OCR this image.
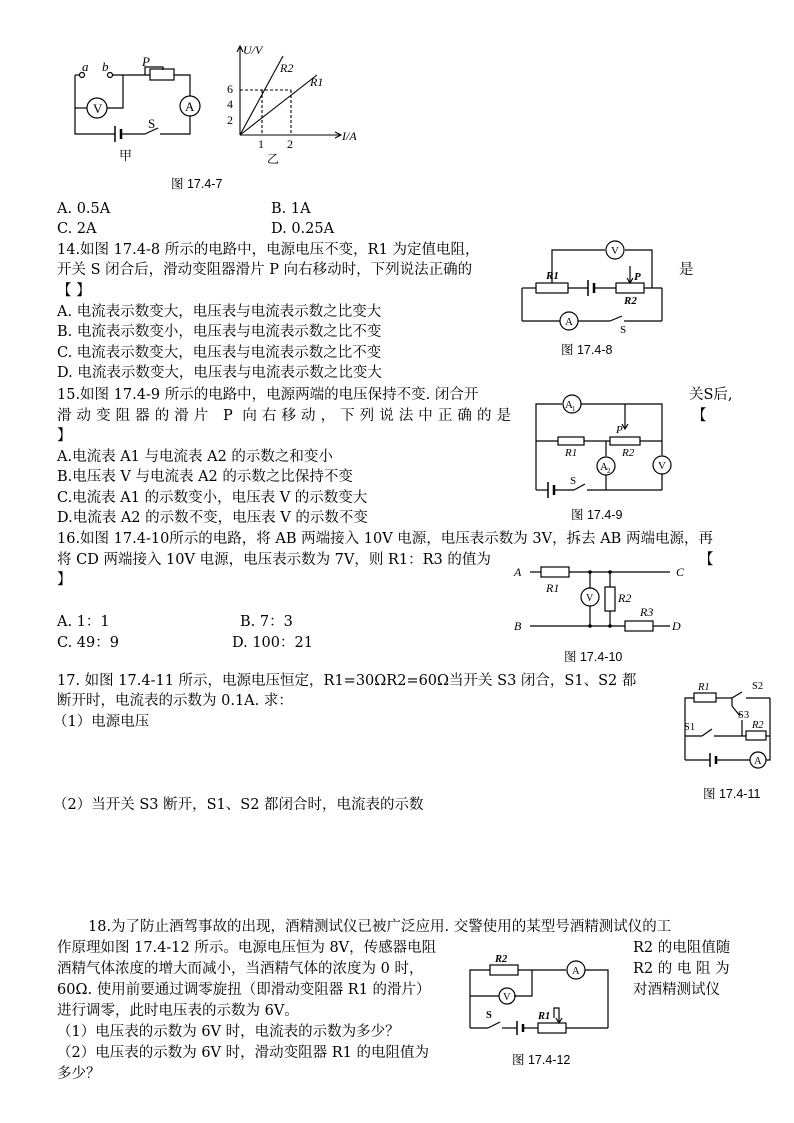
a b	P
V	A
S
甲
U/V
I/A
R2
R1
2
4
6
1 2
乙
图 17.4-7
A. 0.5A	B. 1A
C. 2A	D. 0.25A
14.如图 17.4-8 所示的电路中，电源电压不变，R1 为定值电阻，
开关 S 闭合后，滑动变阻器滑片 P 向右移动时，下列说法正确的	是
【 】
A. 电流表示数变大，电压表与电流表示数之比变大
B. 电流表示数变小，电压表与电流表示数之比不变
C. 电流表示数变大，电压表与电流表示数之比不变
D. 电流表示数变大，电压表与电流表示数之比变大
V
A
R1
R2
P
S
图 17.4-8
15.如图 17.4-9 所示的电路中，电源两端的电压保持不变. 闭合开	关S后,
滑动变阻器的滑片 P 向右移动，下列说法中正确的是	【
】
A.电流表 A1 与电流表 A2 的示数之和变小
B.电压表 V 与电流表 A2 的示数之比保持不变
C.电流表 A1 的示数变小，电压表 V 的示数变大
D.电流表 A2 的示数不变，电压表 V 的示数不变
A 1
A 2	V
R1	R2
P
S
图 17.4-9
16.如图 17.4-10所示的电路，将 AB 两端接入 10V 电源，电压表示数为 3V，拆去 AB 两端电源，再
将 CD 两端接入 10V 电源，电压表示数为 7V，则 R1：R3 的值为	【
】
A. 1：1	B. 7：3
C. 49：9	D. 100：21
A
B
C
D
R1
R2
R3
V
图 17.4-10
17. 如图 17.4-11 所示，电源电压恒定，R1=30ΩR2=60Ω当开关 S3 闭合，S1、S2 都
断开时，电流表的示数为 0.1A. 求：
（1）电源电压
（2）当开关 S3 断开，S1、S2 都闭合时，电流表的示数
R1
R2
S1
S2
S3
A
图 17.4-11
18.为了防止酒驾事故的出现，酒精测试仪已被广泛应用. 交警使用的某型号酒精测试仪的工
作原理如图 17.4-12 所示。电源电压恒为 8V，传感器电阻	R2 的电阻值随
酒精气体浓度的增大而减小，当酒精气体的浓度为 0 时，	R2 的 电 阻 为
60Ω. 使用前要通过调零旋扭（即滑动变阻器 R1 的滑片）	对酒精测试仪
进行调零，此时电压表的示数为 6V。
（1）电压表的示数为 6V 时，电流表的示数为多少？
（2）电压表的示数为 6V 时，滑动变阻器 R1 的电阻值为
多少？
R2
A
V
S	R1
图 17.4-12
